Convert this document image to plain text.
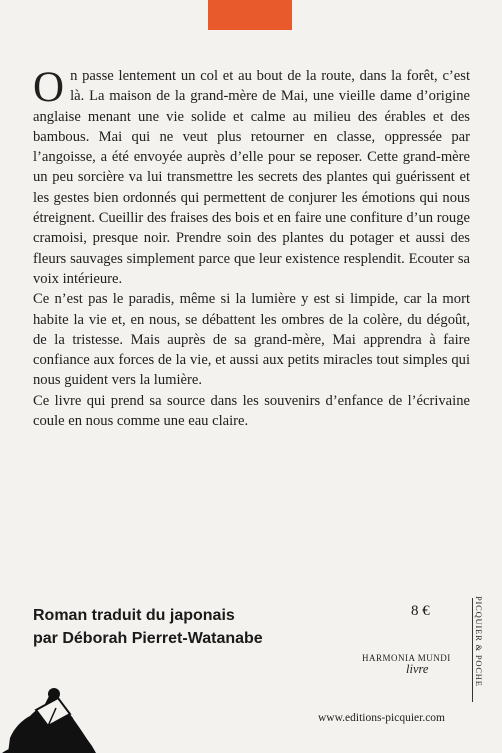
On passe lentement un col et au bout de la route, dans la forêt, c’est là. La maison de la grand-mère de Mai, une vieille dame d’origine anglaise menant une vie solide et calme au milieu des érables et des bambous. Mai qui ne veut plus retourner en classe, oppressée par l’angoisse, a été envoyée auprès d’elle pour se reposer. Cette grand-mère un peu sorcière va lui transmettre les secrets des plantes qui guérissent et les gestes bien ordonnés qui permettent de conjurer les émotions qui nous étreignent. Cueillir des fraises des bois et en faire une confiture d’un rouge cramoisi, presque noir. Prendre soin des plantes du potager et aussi des fleurs sauvages simplement parce que leur existence resplendit. Ecouter sa voix intérieure.

Ce n’est pas le paradis, même si la lumière y est si limpide, car la mort habite la vie et, en nous, se débattent les ombres de la colère, du dégoût, de la tristesse. Mais auprès de sa grand-mère, Mai apprendra à faire confiance aux forces de la vie, et aussi aux petits miracles tout simples qui nous guident vers la lumière.

Ce livre qui prend sa source dans les souvenirs d’enfance de l’écrivaine coule en nous comme une eau claire.

Roman traduit du japonais
par Déborah Pierret-Watanabe
8 €	PICQUIER & POCHE
HARMONIA MUNDI
livre
www.editions-picquier.com
